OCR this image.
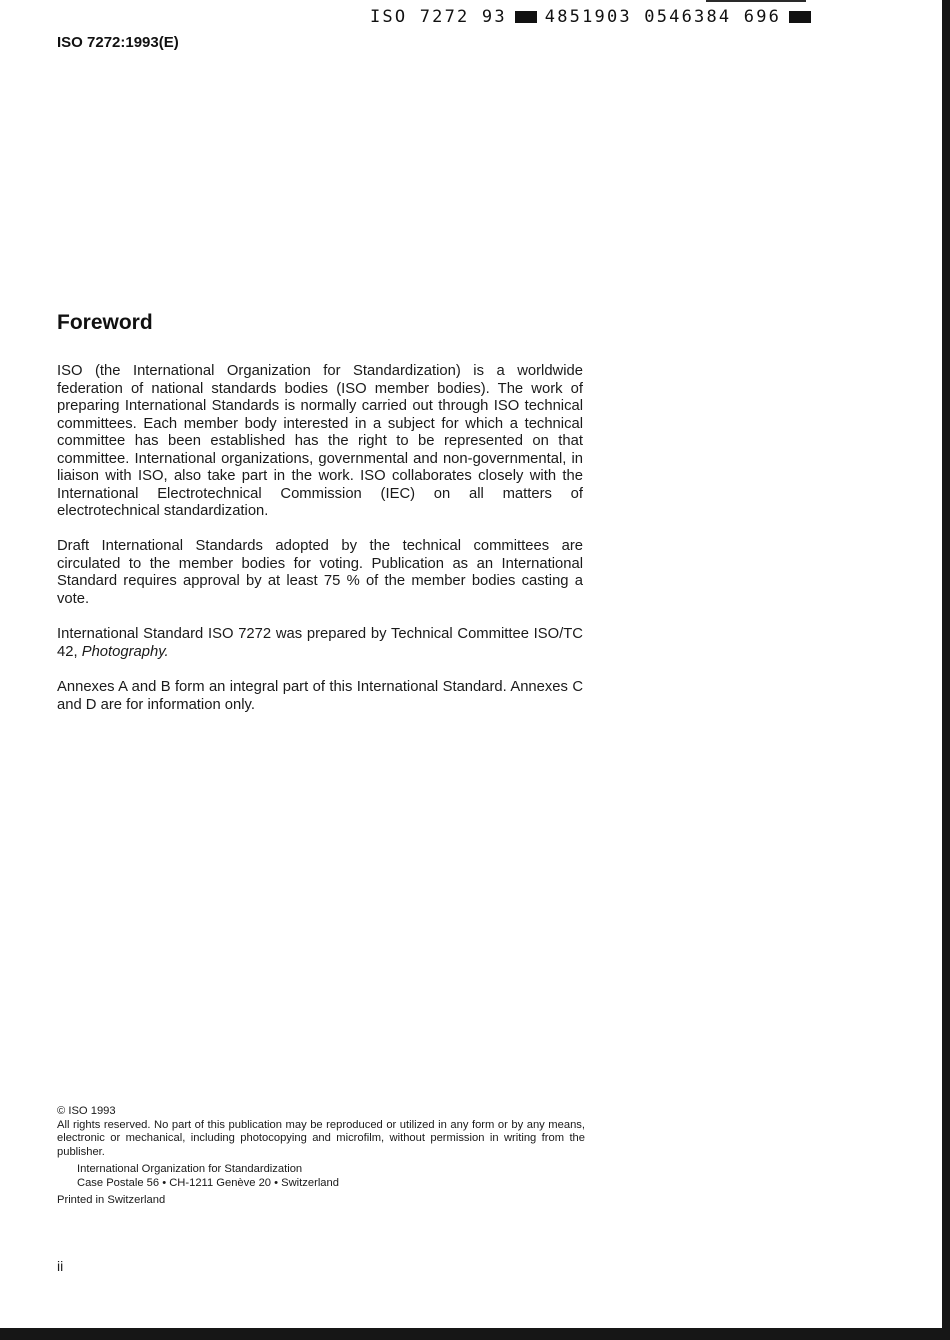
ISO 7272 93 4851903 0546384 696
ISO 7272:1993(E)
Foreword
ISO (the International Organization for Standardization) is a worldwide federation of national standards bodies (ISO member bodies). The work of preparing International Standards is normally carried out through ISO technical committees. Each member body interested in a subject for which a technical committee has been established has the right to be represented on that committee. International organizations, governmental and non-governmental, in liaison with ISO, also take part in the work. ISO collaborates closely with the International Electrotechnical Commission (IEC) on all matters of electrotechnical standardization.
Draft International Standards adopted by the technical committees are circulated to the member bodies for voting. Publication as an International Standard requires approval by at least 75 % of the member bodies casting a vote.
International Standard ISO 7272 was prepared by Technical Committee ISO/TC 42, Photography.
Annexes A and B form an integral part of this International Standard. Annexes C and D are for information only.
© ISO 1993
All rights reserved. No part of this publication may be reproduced or utilized in any form or by any means, electronic or mechanical, including photocopying and microfilm, without permission in writing from the publisher.
International Organization for Standardization
Case Postale 56 • CH-1211 Genève 20 • Switzerland
Printed in Switzerland
ii
